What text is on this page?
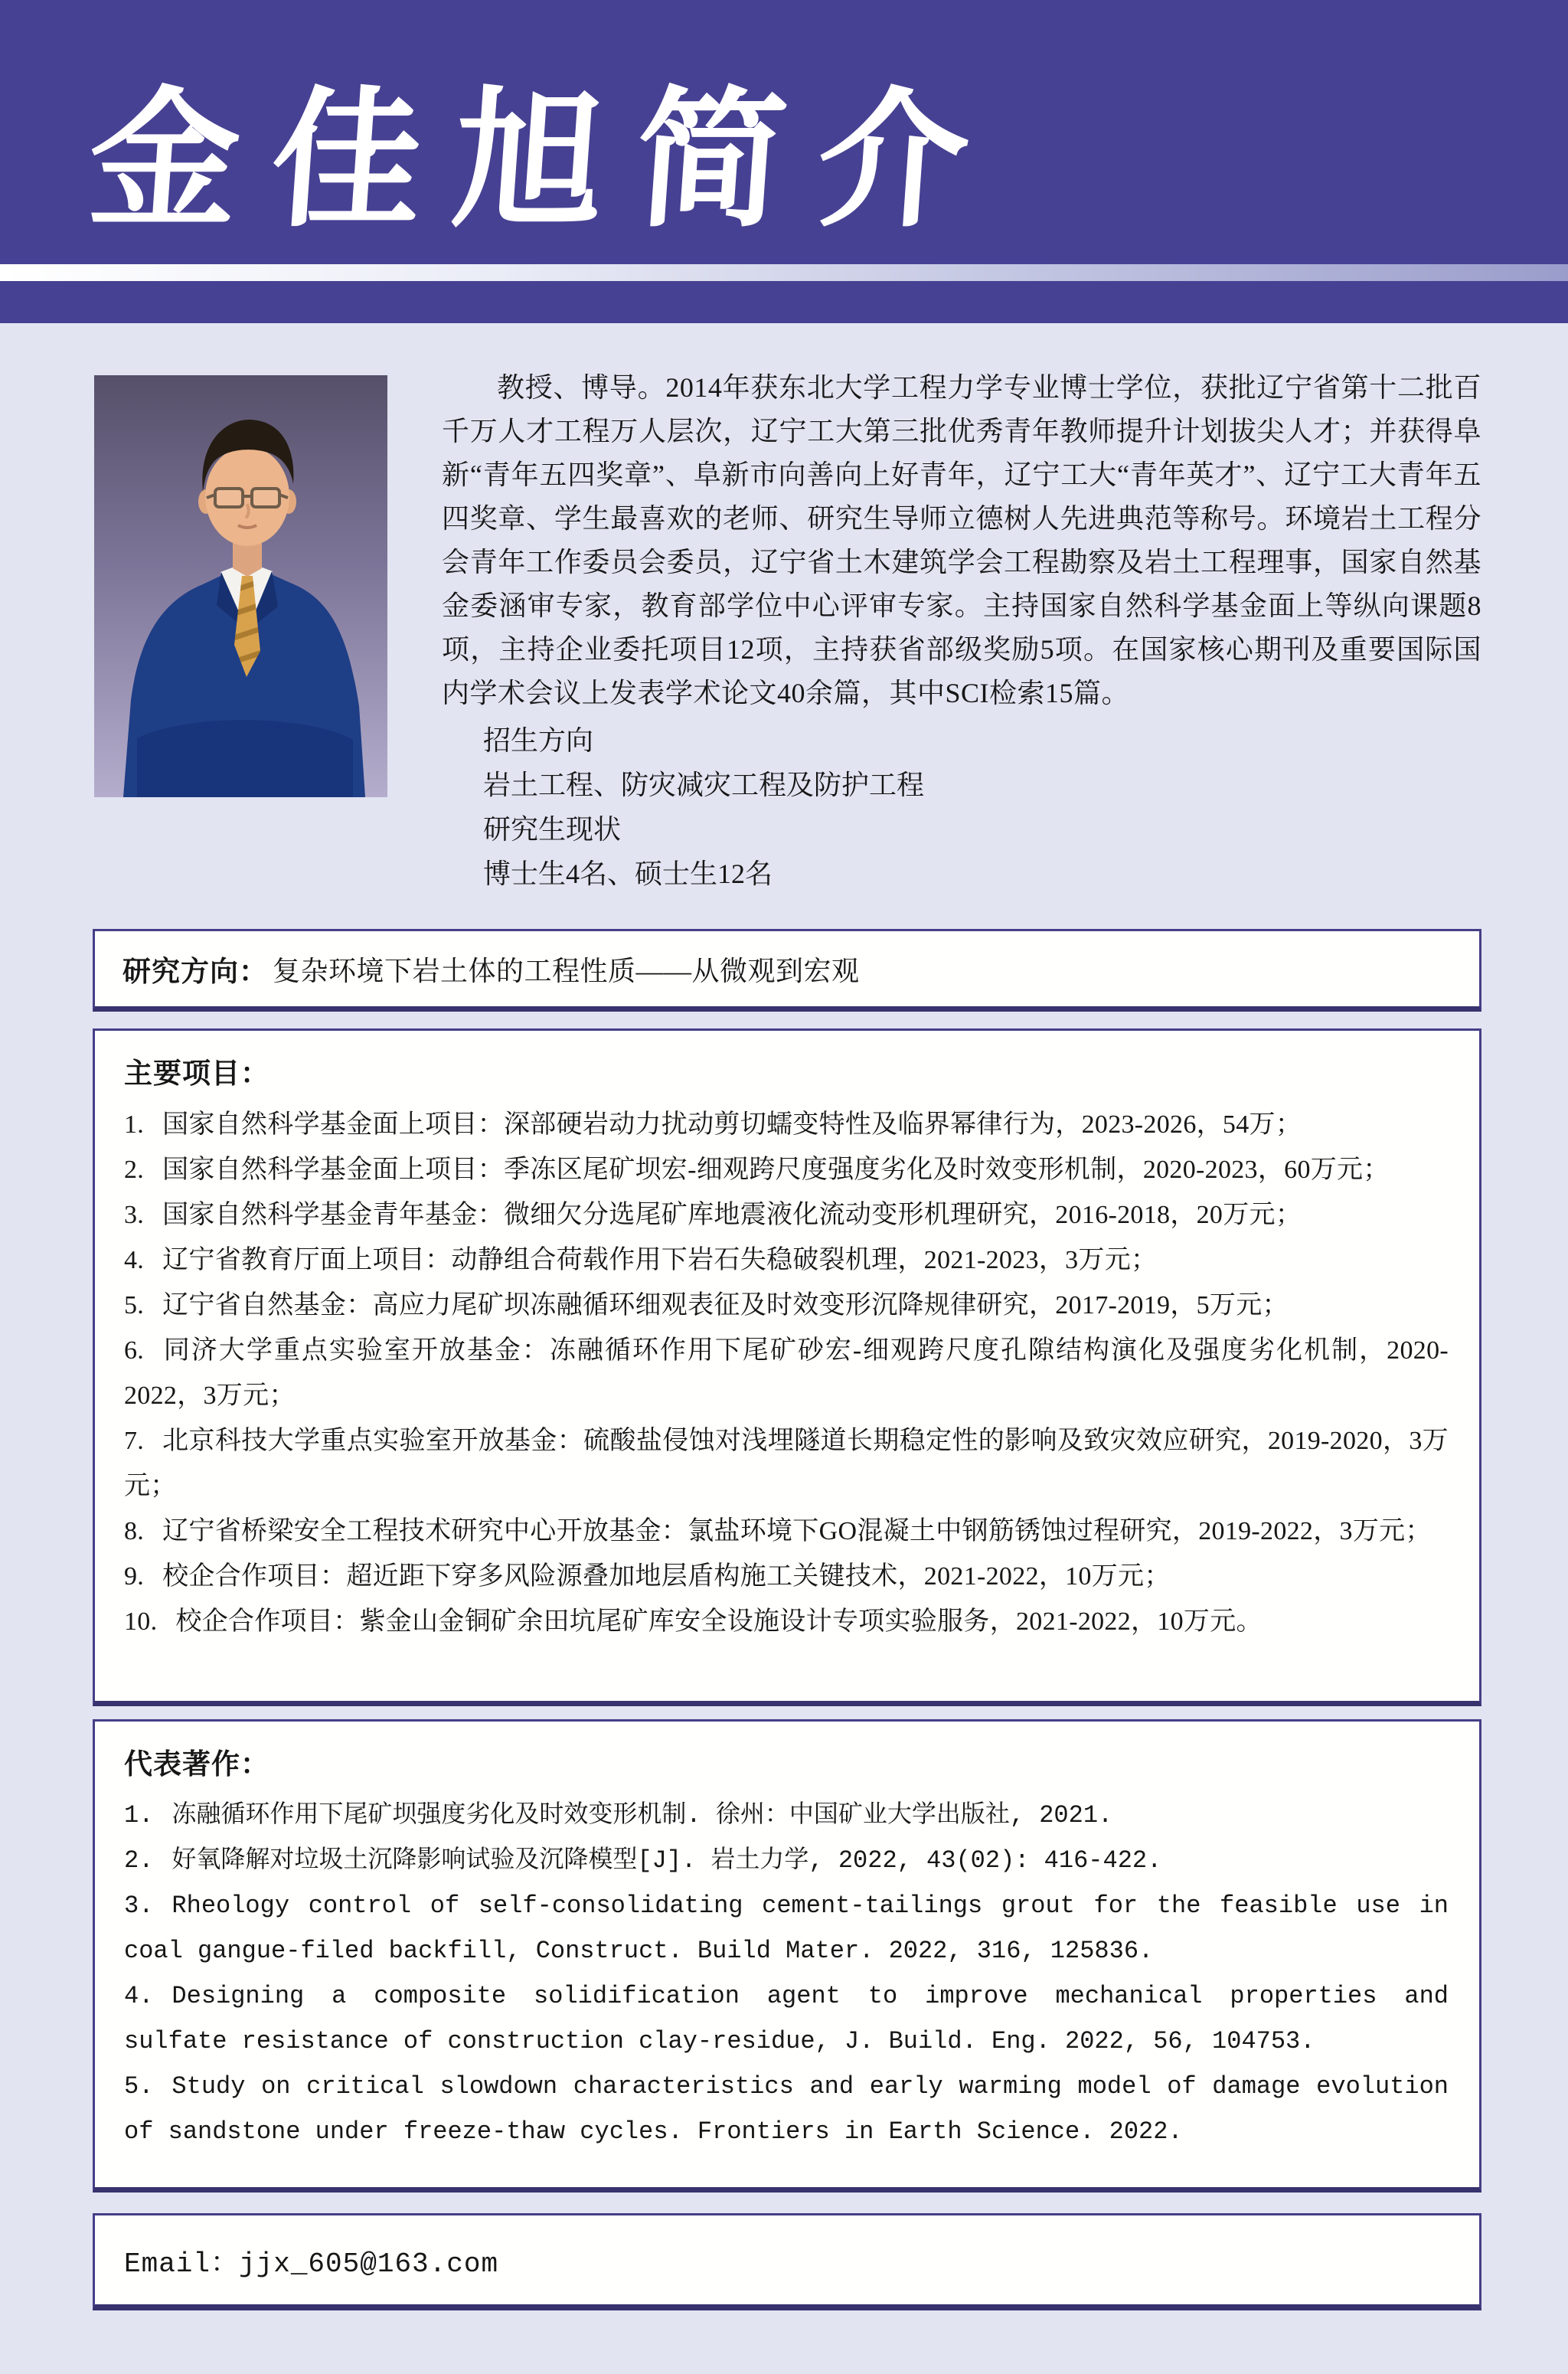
金佳旭简介

教授、博导。2014年获东北大学工程力学专业博士学位，获批辽宁省第十二批百千万人才工程万人层次，辽宁工大第三批优秀青年教师提升计划拔尖人才；并获得阜新“青年五四奖章”、阜新市向善向上好青年，辽宁工大“青年英才”、辽宁工大青年五四奖章、学生最喜欢的老师、研究生导师立德树人先进典范等称号。环境岩土工程分会青年工作委员会委员，辽宁省土木建筑学会工程勘察及岩土工程理事，国家自然基金委涵审专家，教育部学位中心评审专家。主持国家自然科学基金面上等纵向课题8项，主持企业委托项目12项，主持获省部级奖励5项。在国家核心期刊及重要国际国内学术会议上发表学术论文40余篇，其中SCI检索15篇。

招生方向
岩土工程、防灾减灾工程及防护工程
研究生现状
博士生4名、硕士生12名
研究方向： 复杂环境下岩土体的工程性质——从微观到宏观
主要项目：
1. 国家自然科学基金面上项目：深部硬岩动力扰动剪切蠕变特性及临界幂律行为，2023-2026，54万；
2. 国家自然科学基金面上项目：季冻区尾矿坝宏-细观跨尺度强度劣化及时效变形机制，2020-2023，60万元；
3. 国家自然科学基金青年基金：微细欠分选尾矿库地震液化流动变形机理研究，2016-2018，20万元；
4. 辽宁省教育厅面上项目：动静组合荷载作用下岩石失稳破裂机理，2021-2023，3万元；
5. 辽宁省自然基金：高应力尾矿坝冻融循环细观表征及时效变形沉降规律研究，2017-2019，5万元；
6. 同济大学重点实验室开放基金：冻融循环作用下尾矿砂宏-细观跨尺度孔隙结构演化及强度劣化机制，2020-2022，3万元；
7. 北京科技大学重点实验室开放基金：硫酸盐侵蚀对浅埋隧道长期稳定性的影响及致灾效应研究，2019-2020，3万元；
8. 辽宁省桥梁安全工程技术研究中心开放基金：氯盐环境下GO混凝土中钢筋锈蚀过程研究，2019-2022，3万元；
9. 校企合作项目：超近距下穿多风险源叠加地层盾构施工关键技术，2021-2022，10万元；
10. 校企合作项目：紫金山金铜矿余田坑尾矿库安全设施设计专项实验服务，2021-2022，10万元。
代表著作：
1. 冻融循环作用下尾矿坝强度劣化及时效变形机制. 徐州：中国矿业大学出版社, 2021.
2. 好氧降解对垃圾土沉降影响试验及沉降模型[J]. 岩土力学, 2022, 43(02): 416-422.
3. Rheology control of self-consolidating cement-tailings grout for the feasible use in coal gangue-filed backfill, Construct. Build Mater. 2022, 316, 125836.
4. Designing a composite solidification agent to improve mechanical properties and sulfate resistance of construction clay-residue, J. Build. Eng. 2022, 56, 104753.
5. Study on critical slowdown characteristics and early warming model of damage evolution of sandstone under freeze-thaw cycles. Frontiers in Earth Science. 2022.
Email：jjx_605@163.com
